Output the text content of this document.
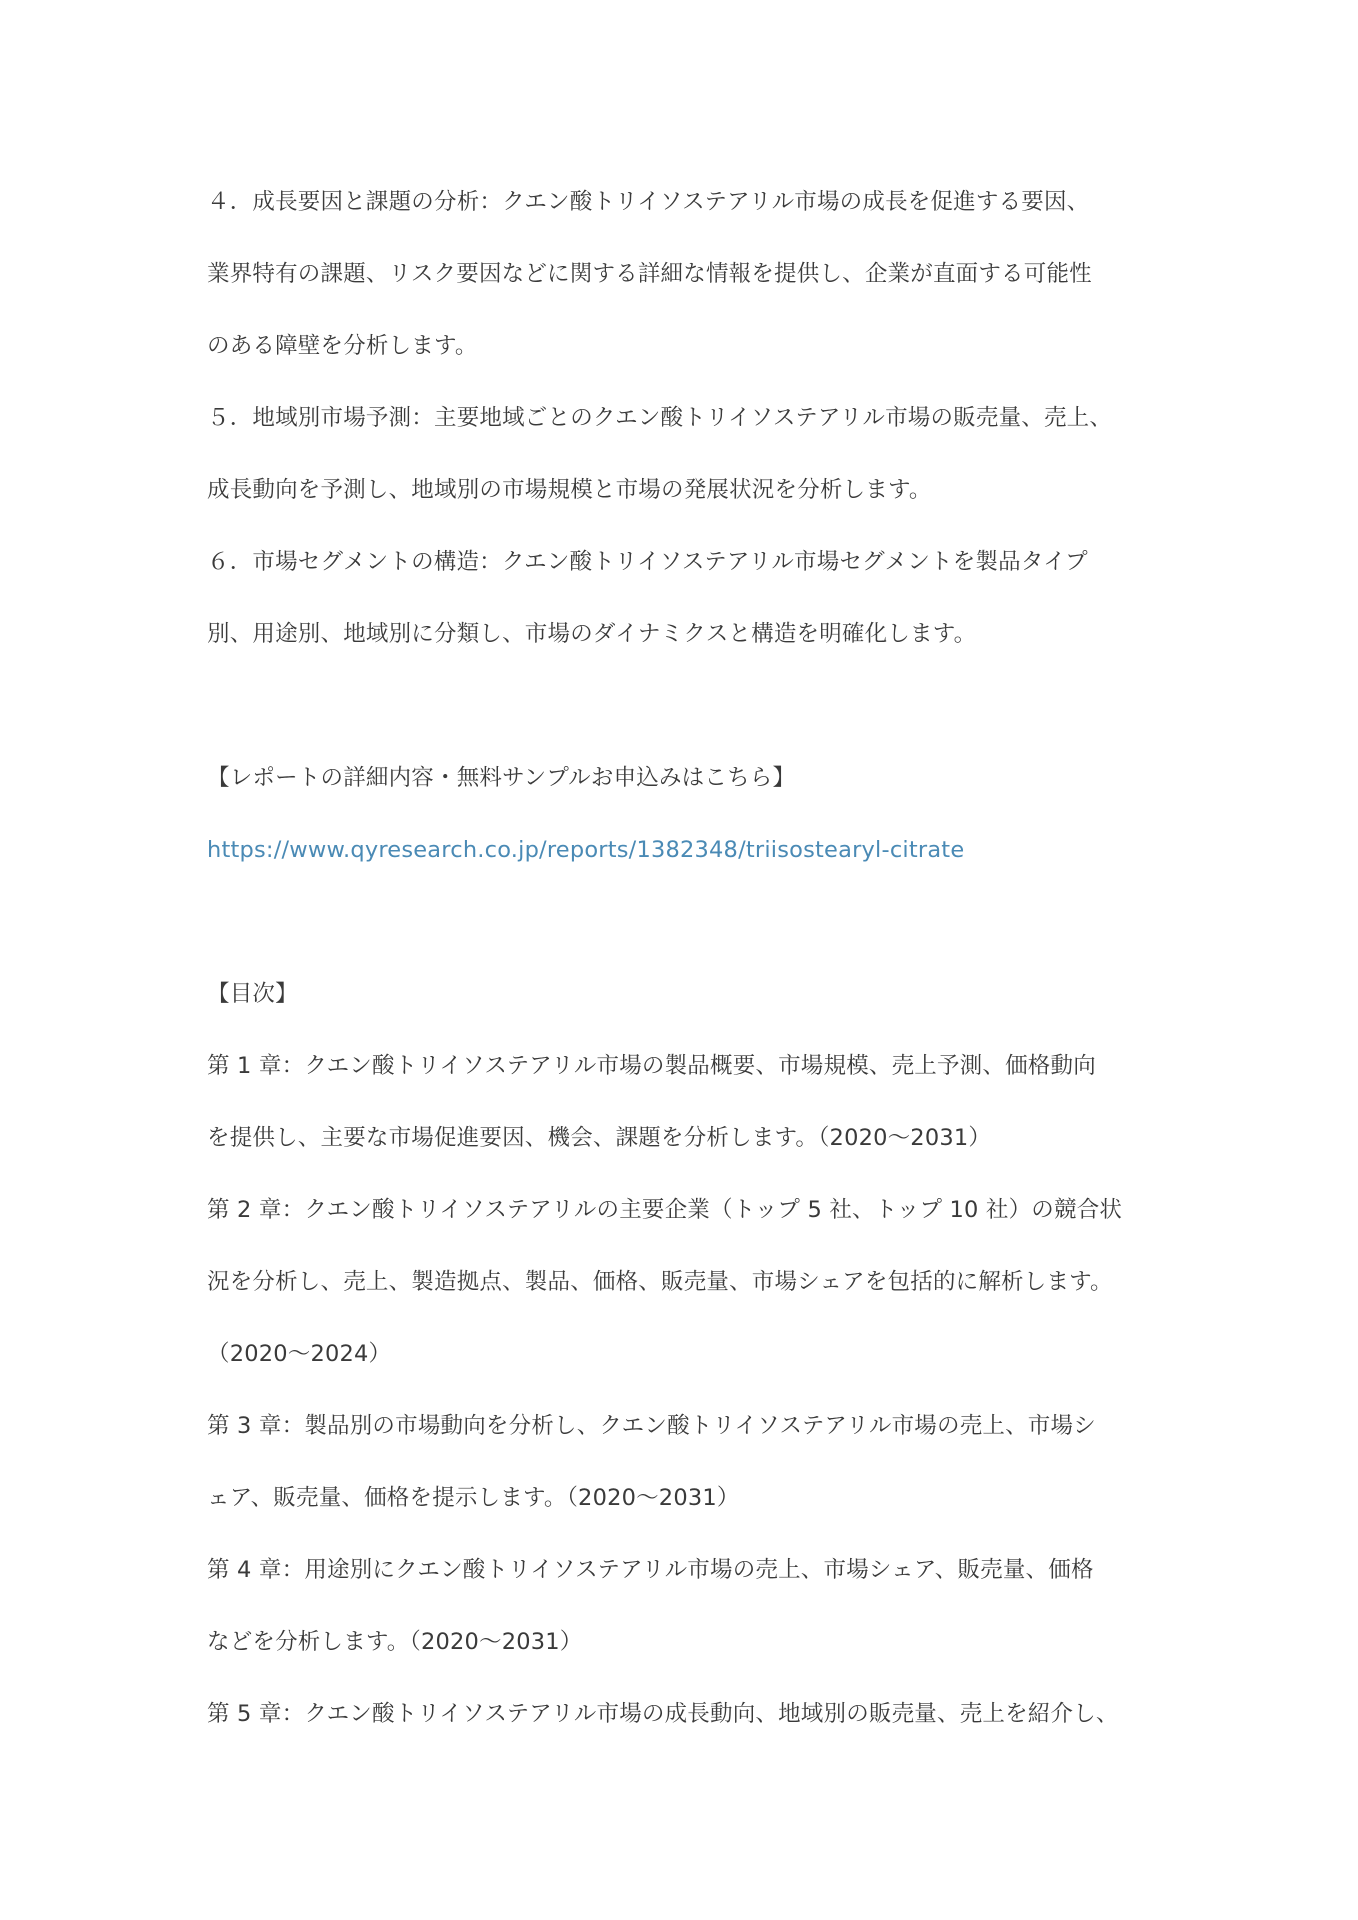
４．成長要因と課題の分析：クエン酸トリイソステアリル市場の成長を促進する要因、
業界特有の課題、リスク要因などに関する詳細な情報を提供し、企業が直面する可能性
のある障壁を分析します。
５．地域別市場予測：主要地域ごとのクエン酸トリイソステアリル市場の販売量、売上、
成長動向を予測し、地域別の市場規模と市場の発展状況を分析します。
６．市場セグメントの構造：クエン酸トリイソステアリル市場セグメントを製品タイプ
別、用途別、地域別に分類し、市場のダイナミクスと構造を明確化します。
【レポートの詳細内容・無料サンプルお申込みはこちら】
https://www.qyresearch.co.jp/reports/1382348/triisostearyl-citrate
【目次】
第 1 章：クエン酸トリイソステアリル市場の製品概要、市場規模、売上予測、価格動向
を提供し、主要な市場促進要因、機会、課題を分析します。（2020～2031）
第 2 章：クエン酸トリイソステアリルの主要企業（トップ 5 社、トップ 10 社）の競合状
況を分析し、売上、製造拠点、製品、価格、販売量、市場シェアを包括的に解析します。
（2020～2024）
第 3 章：製品別の市場動向を分析し、クエン酸トリイソステアリル市場の売上、市場シ
ェア、販売量、価格を提示します。（2020～2031）
第 4 章：用途別にクエン酸トリイソステアリル市場の売上、市場シェア、販売量、価格
などを分析します。（2020～2031）
第 5 章：クエン酸トリイソステアリル市場の成長動向、地域別の販売量、売上を紹介し、
